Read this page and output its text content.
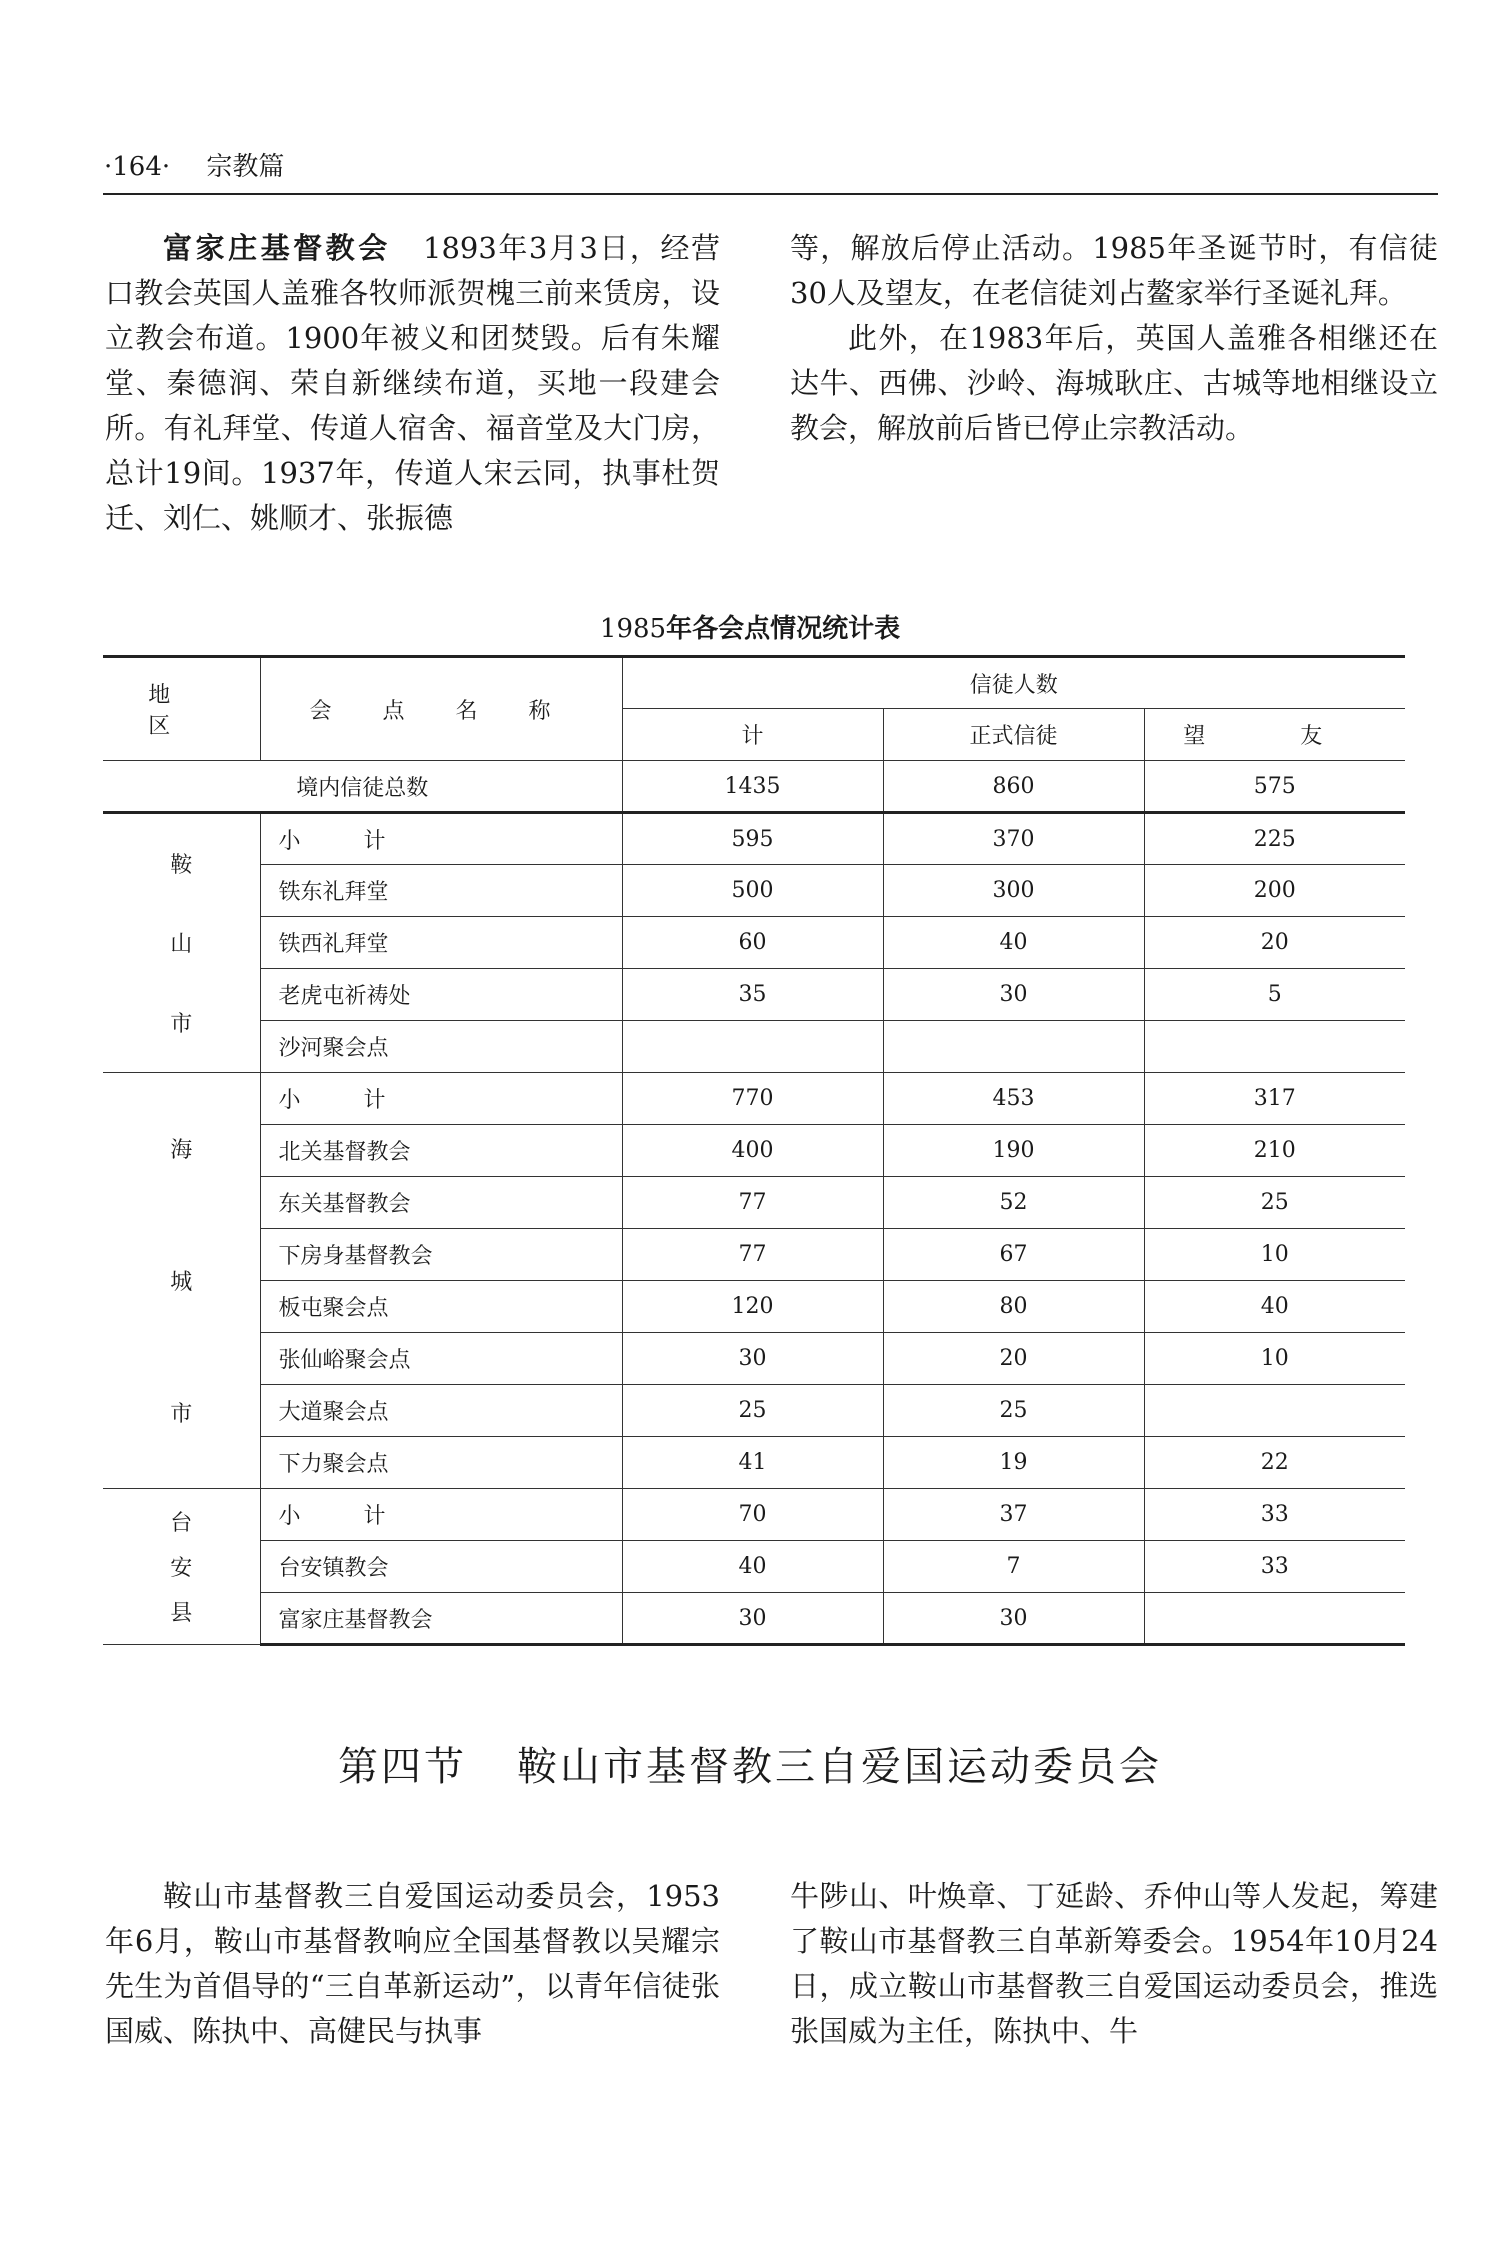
·164· 宗教篇

富家庄基督教会 1893年3月3日，经营口教会英国人盖雅各牧师派贺槐三前来赁房，设立教会布道。1900年被义和团焚毁。后有朱耀堂、秦德润、荣自新继续布道，买地一段建会所。有礼拜堂、传道人宿舍、福音堂及大门房，总计19间。1937年，传道人宋云同，执事杜贺迁、刘仁、姚顺才、张振德

等，解放后停止活动。1985年圣诞节时，有信徒30人及望友，在老信徒刘占鳌家举行圣诞礼拜。

此外，在1983年后，英国人盖雅各相继还在达牛、西佛、沙岭、海城耿庄、古城等地相继设立教会，解放前后皆已停止宗教活动。

1985年各会点情况统计表
地 区	会 点 名 称	信徒人数		
		计	正式信徒	望 友
境内信徒总数		1435	860	575

鞍
山
市	小 计	595	370	225
	铁东礼拜堂	500	300	200
	铁西礼拜堂	60	40	20
	老虎屯祈祷处	35	30	5
	沙河聚会点			

海
城
市	小 计	770	453	317
	北关基督教会	400	190	210
	东关基督教会	77	52	25
	下房身基督教会	77	67	10
	板屯聚会点	120	80	40
	张仙峪聚会点	30	20	10
	大道聚会点	25	25	
	下力聚会点	41	19	22

台
安
县	小 计	70	37	33
	台安镇教会	40	7	33
	富家庄基督教会	30	30	
第四节 鞍山市基督教三自爱国运动委员会

鞍山市基督教三自爱国运动委员会，1953年6月，鞍山市基督教响应全国基督教以吴耀宗先生为首倡导的“三自革新运动”，以青年信徒张国威、陈执中、高健民与执事

牛陟山、叶焕章、丁延龄、乔仲山等人发起，筹建了鞍山市基督教三自革新筹委会。1954年10月24日，成立鞍山市基督教三自爱国运动委员会，推选张国威为主任，陈执中、牛
